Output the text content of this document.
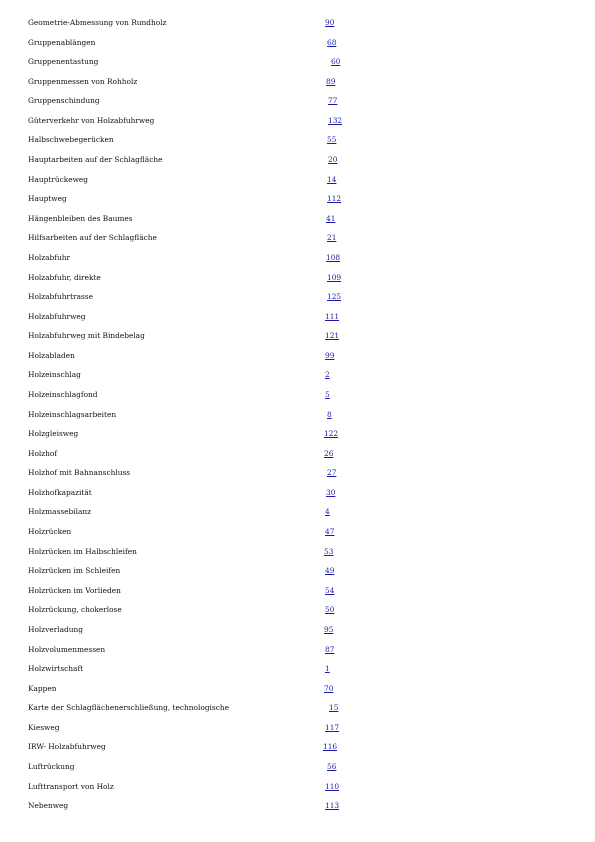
Geometrie-Abmessung von Rundholz	90
Gruppenablängen	68
Gruppenentastung	60
Gruppenmessen von Rohholz	89
Gruppenschindung	77
Güterverkehr von Holzabfuhrweg	132
Halbschwebegerücken	55
Hauptarbeiten auf der Schlagfläche	20
Hauptrückeweg	14
Hauptweg	112
Hängenbleiben des Baumes	41
Hilfsarbeiten auf der Schlagfläche	21
Holzabfuhr	108
Holzabfuhr, direkte	109
Holzabfuhrtrasse	125
Holzabfuhrweg	111
Holzabfuhrweg mit Bindebelag	121
Holzabladen	99
Holzeinschlag	2
Holzeinschlagfond	5
Holzeinschlagsarbeiten	8
Holzgleisweg	122
Holzhof	26
Holzhof mit Bahnanschluss	27
Holzhofkapazität	30
Holzmassebilanz	4
Holzrücken	47
Holzrücken im Halbschleifen	53
Holzrücken im Schleifen	49
Holzrücken im Vorlieden	54
Holzrückung, chokerlose	50
Holzverladung	95
Holzvolumenmessen	87
Holzwirtschaft	1
Kappen	70
Karte der Schlagflächenerschließung, technologische	15
Kiesweg	117
IRW- Holzabfuhrweg	116
Luftrückung	56
Lufttransport von Holz	110
Nebenweg	113
